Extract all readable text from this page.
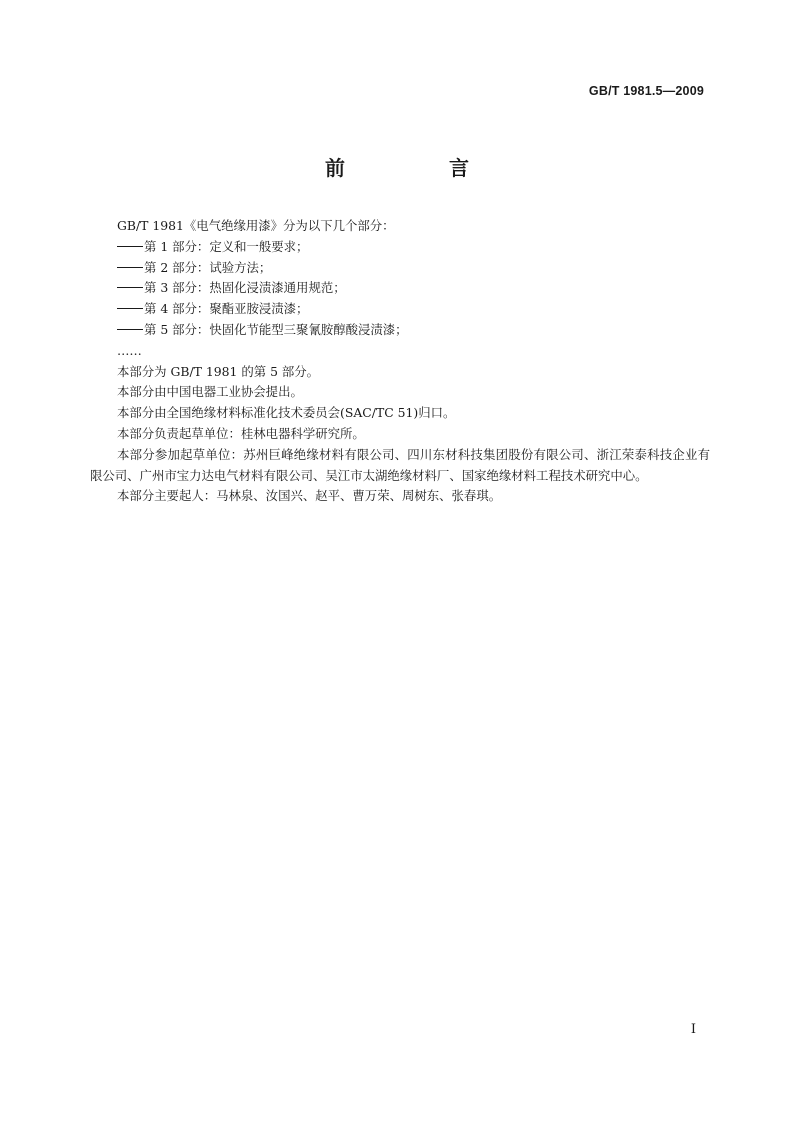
GB/T 1981.5—2009
前　言

GB/T 1981《电气绝缘用漆》分为以下几个部分：

第 1 部分：定义和一般要求；
第 2 部分：试验方法；
第 3 部分：热固化浸渍漆通用规范；
第 4 部分：聚酯亚胺浸渍漆；
第 5 部分：快固化节能型三聚氰胺醇酸浸渍漆；

……

本部分为 GB/T 1981 的第 5 部分。

本部分由中国电器工业协会提出。

本部分由全国绝缘材料标准化技术委员会(SAC/TC 51)归口。

本部分负责起草单位：桂林电器科学研究所。

本部分参加起草单位：苏州巨峰绝缘材料有限公司、四川东材科技集团股份有限公司、浙江荣泰科技企业有限公司、广州市宝力达电气材料有限公司、吴江市太湖绝缘材料厂、国家绝缘材料工程技术研究中心。

本部分主要起人：马林泉、汝国兴、赵平、曹万荣、周树东、张春琪。

I
